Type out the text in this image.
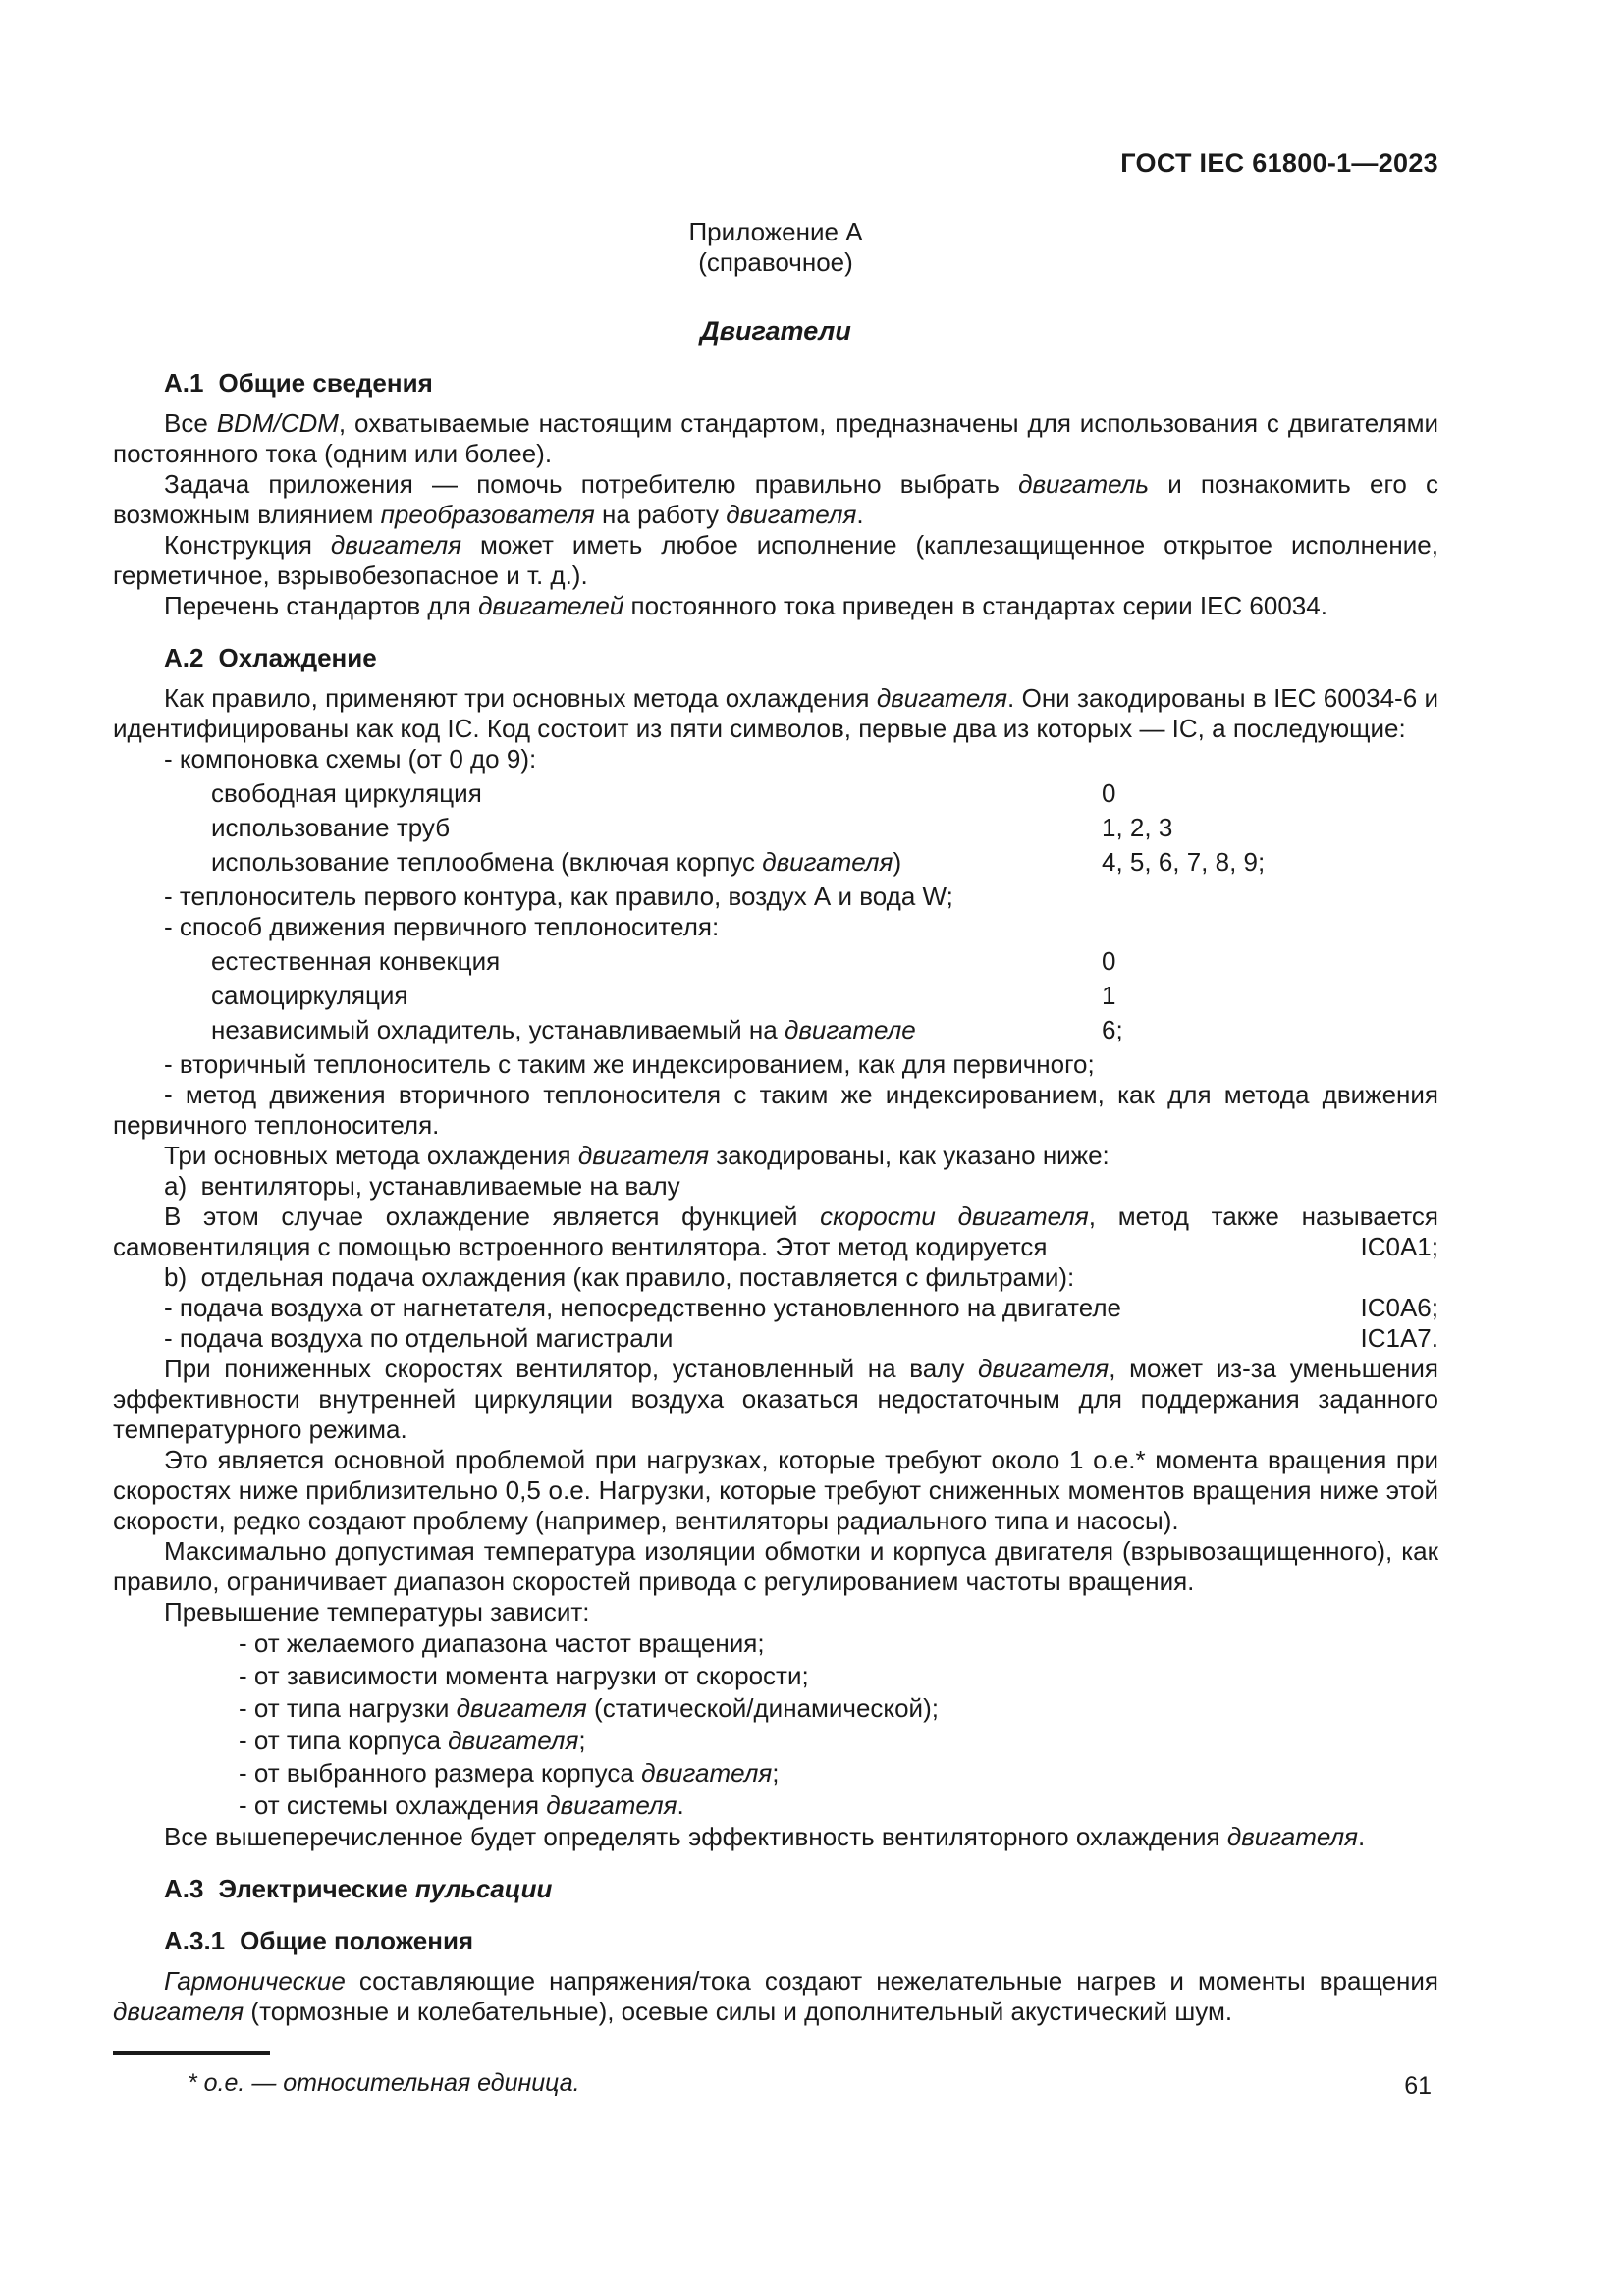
ГОСТ IEC 61800-1—2023
Приложение А
(справочное)
Двигатели
А.1 Общие сведения
Все BDM/CDM, охватываемые настоящим стандартом, предназначены для использования с двигателями постоянного тока (одним или более).
Задача приложения — помочь потребителю правильно выбрать двигатель и познакомить его с возможным влиянием преобразователя на работу двигателя.
Конструкция двигателя может иметь любое исполнение (каплезащищенное открытое исполнение, герметичное, взрывобезопасное и т. д.).
Перечень стандартов для двигателей постоянного тока приведен в стандартах серии IEC 60034.
А.2 Охлаждение
Как правило, применяют три основных метода охлаждения двигателя. Они закодированы в IEC 60034-6 и идентифицированы как код IC. Код состоит из пяти символов, первые два из которых — IC, а последующие:
- компоновка схемы (от 0 до 9):
свободная циркуляция	0
использование труб	1, 2, 3
использование теплообмена (включая корпус двигателя)	4, 5, 6, 7, 8, 9;
- теплоноситель первого контура, как правило, воздух А и вода W;
- способ движения первичного теплоносителя:
естественная конвекция	0
самоциркуляция	1
независимый охладитель, устанавливаемый на двигателе	6;
- вторичный теплоноситель с таким же индексированием, как для первичного;
- метод движения вторичного теплоносителя с таким же индексированием, как для метода движения первичного теплоносителя.
Три основных метода охлаждения двигателя закодированы, как указано ниже:
a)  вентиляторы, устанавливаемые на валу
В этом случае охлаждение является функцией скорости двигателя, метод также называется самовентиляция с помощью встроенного вентилятора. Этот метод кодируется	IC0A1;
b)  отдельная подача охлаждения (как правило, поставляется с фильтрами):
- подача воздуха от нагнетателя, непосредственно установленного на двигателе	IC0A6;
- подача воздуха по отдельной магистрали	IC1A7.
При пониженных скоростях вентилятор, установленный на валу двигателя, может из-за уменьшения эффективности внутренней циркуляции воздуха оказаться недостаточным для поддержания заданного температурного режима.
Это является основной проблемой при нагрузках, которые требуют около 1 о.е.* момента вращения при скоростях ниже приблизительно 0,5 о.е. Нагрузки, которые требуют сниженных моментов вращения ниже этой скорости, редко создают проблему (например, вентиляторы радиального типа и насосы).
Максимально допустимая температура изоляции обмотки и корпуса двигателя (взрывозащищенного), как правило, ограничивает диапазон скоростей привода с регулированием частоты вращения.
Превышение температуры зависит:
- от желаемого диапазона частот вращения;
- от зависимости момента нагрузки от скорости;
- от типа нагрузки двигателя (статической/динамической);
- от типа корпуса двигателя;
- от выбранного размера корпуса двигателя;
- от системы охлаждения двигателя.
Все вышеперечисленное будет определять эффективность вентиляторного охлаждения двигателя.
А.3 Электрические пульсации
А.3.1 Общие положения
Гармонические составляющие напряжения/тока создают нежелательные нагрев и моменты вращения двигателя (тормозные и колебательные), осевые силы и дополнительный акустический шум.
* о.е. — относительная единица.	61
